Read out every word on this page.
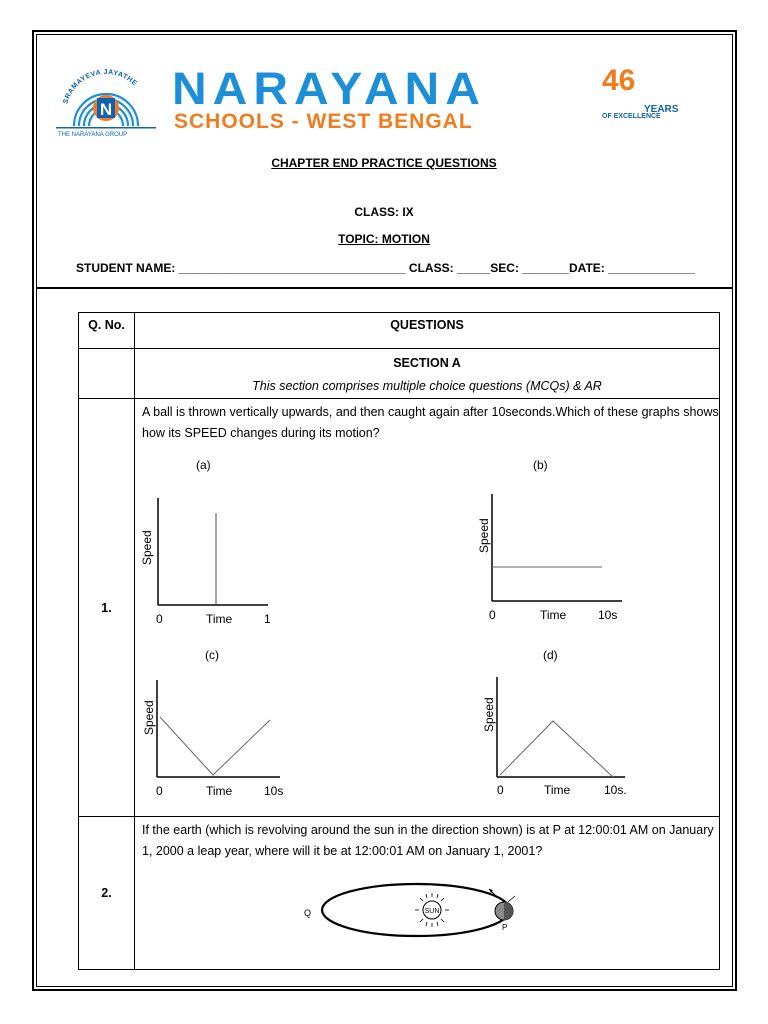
SRAMAYEVA JAYATHE
N
THE NARAYANA GROUP
NARAYANA
SCHOOLS - WEST BENGAL
46
YEARS
OF EXCELLENCE
CHAPTER END PRACTICE QUESTIONS
CLASS: IX
TOPIC: MOTION
STUDENT NAME: __________________________________ CLASS: _____SEC: _______DATE: _____________
Q. No.	QUESTIONS

	SECTION A
This section comprises multiple choice questions (MCQs) & AR

1.	A ball is thrown vertically upwards, and then caught again after 10seconds.Which of these graphs shows how its SPEED changes during its motion?

2.	If the earth (which is revolving around the sun in the direction shown) is at P at 12:00:01 AM on January 1, 2000 a leap year, where will it be at 12:00:01 AM on January 1, 2001?
(a)	(b)
(c)	(d)
Speed
0	Time	1
Speed
0	Time	10s
Speed
0	Time	10s
Speed
0	Time	10s.
SUN
Q
P
